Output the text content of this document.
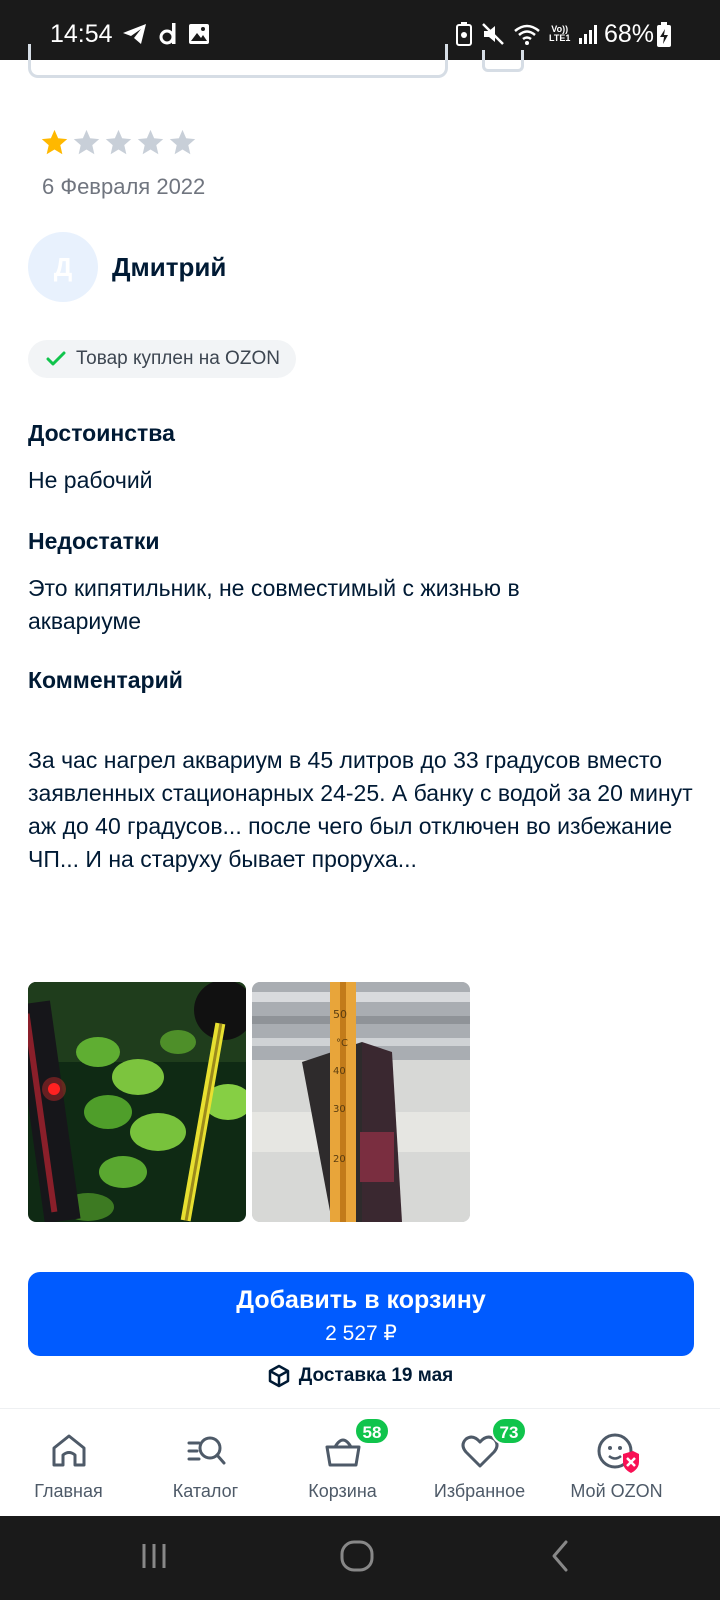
14:54	Vo))
LTE1 68%
6 Февраля 2022
Д Дмитрий
Товар куплен на OZON
Достоинства
Не рабочий
Недостатки
Это кипятильник, не совместимый с жизнью в аквариуме
Комментарий
За час нагрел аквариум в 45 литров до 33 градусов вместо заявленных стационарных 24-25. А банку с водой за 20 минут аж до 40 градусов... после чего был отключен во избежание ЧП... И на старуху бывает проруха...
50
°C
40
30
20
Добавить в корзину
2 527 ₽
Доставка 19 мая
Главная	Каталог
58
Корзина
73
Избранное	Мой OZON
